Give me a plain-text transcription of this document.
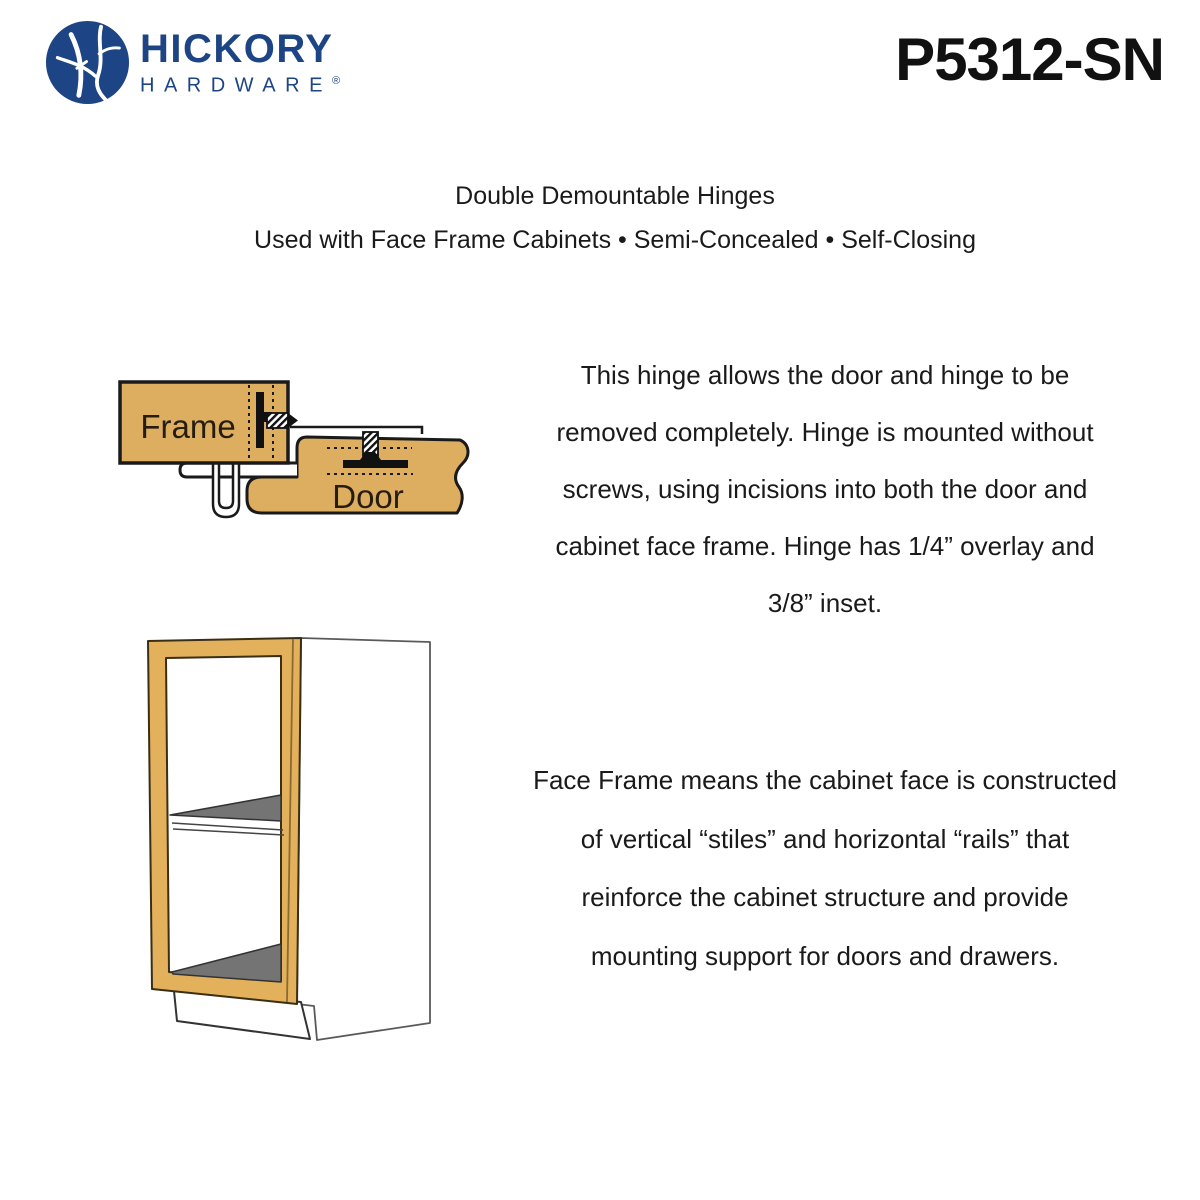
HICKORY
HARDWARE®	P5312-SN
Double Demountable Hinges
Used with Face Frame Cabinets • Semi-Concealed • Self-Closing
Frame
Door
This hinge allows the door and hinge to be
removed completely. Hinge is mounted without
screws, using incisions into both the door and
cabinet face frame. Hinge has 1/4” overlay and
3/8” inset.
Face Frame means the cabinet face is constructed
of vertical “stiles” and horizontal “rails” that
reinforce the cabinet structure and provide
mounting support for doors and drawers.
